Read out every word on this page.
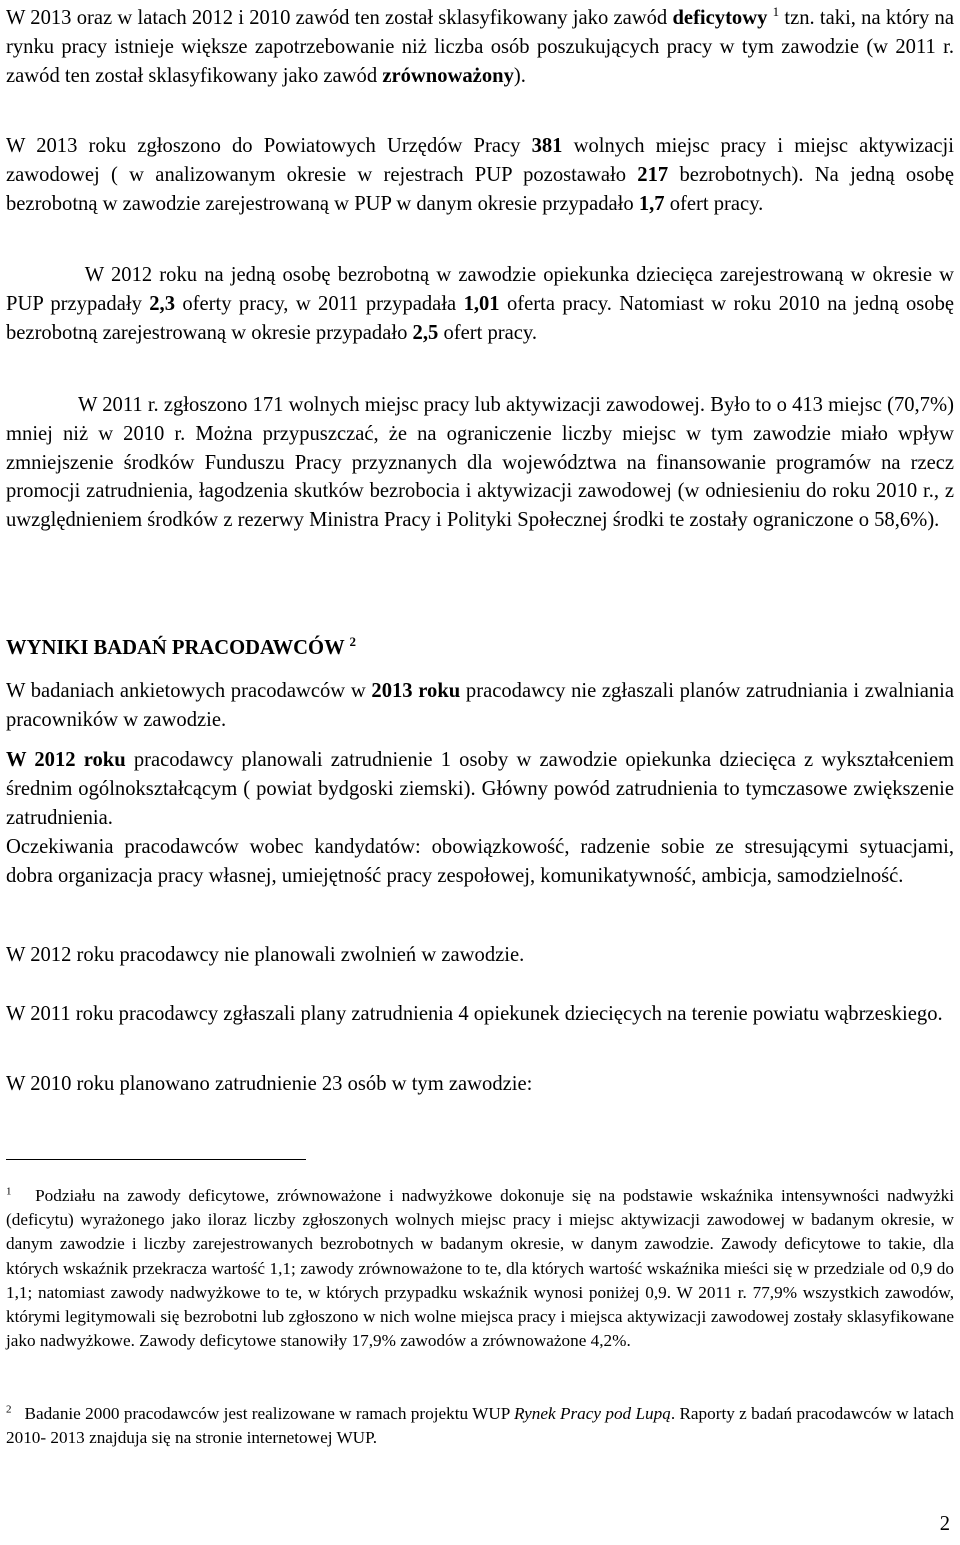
W 2013 oraz w latach 2012 i 2010 zawód ten został sklasyfikowany jako zawód deficytowy $^1$ tzn. taki, na który na rynku pracy istnieje większe zapotrzebowanie niż liczba osób poszukujących pracy w tym zawodzie (w 2011 r. zawód ten został sklasyfikowany jako zawód zrównoważony).

W 2013 roku zgłoszono do Powiatowych Urzędów Pracy 381 wolnych miejsc pracy i miejsc aktywizacji zawodowej ( w analizowanym okresie w rejestrach PUP pozostawało 217 bezrobotnych). Na jedną osobę bezrobotną w zawodzie zarejestrowaną w PUP w danym okresie przypadało 1,7 ofert pracy.

W 2012 roku na jedną osobę bezrobotną w zawodzie opiekunka dziecięca zarejestrowaną w okresie w PUP przypadały 2,3 oferty pracy, w 2011 przypadała 1,01 oferta pracy. Natomiast w roku 2010 na jedną osobę bezrobotną zarejestrowaną w okresie przypadało 2,5 ofert pracy.

W 2011 r. zgłoszono 171 wolnych miejsc pracy lub aktywizacji zawodowej. Było to o 413 miejsc (70,7%) mniej niż w 2010 r. Można przypuszczać, że na ograniczenie liczby miejsc w tym zawodzie miało wpływ zmniejszenie środków Funduszu Pracy przyznanych dla województwa na finansowanie programów na rzecz promocji zatrudnienia, łagodzenia skutków bezrobocia i aktywizacji zawodowej (w odniesieniu do roku 2010 r., z uwzględnieniem środków z rezerwy Ministra Pracy i Polityki Społecznej środki te zostały ograniczone o 58,6%).

WYNIKI BADAŃ PRACODAWCÓW $^2$

W badaniach ankietowych pracodawców w 2013 roku pracodawcy nie zgłaszali planów zatrudniania i zwalniania pracowników w zawodzie.

W 2012 roku pracodawcy planowali zatrudnienie 1 osoby w zawodzie opiekunka dziecięca z wykształceniem średnim ogólnokształcącym ( powiat bydgoski ziemski). Główny powód zatrudnienia to tymczasowe zwiększenie zatrudnienia.

Oczekiwania pracodawców wobec kandydatów: obowiązkowość, radzenie sobie ze stresującymi sytuacjami, dobra organizacja pracy własnej, umiejętność pracy zespołowej, komunikatywność, ambicja, samodzielność.

W 2012 roku pracodawcy nie planowali zwolnień w zawodzie.

W 2011 roku pracodawcy zgłaszali plany zatrudnienia 4 opiekunek dziecięcych na terenie powiatu wąbrzeskiego.

W 2010 roku planowano zatrudnienie 23 osób w tym zawodzie:

$^1$ Podziału na zawody deficytowe, zrównoważone i nadwyżkowe dokonuje się na podstawie wskaźnika intensywności nadwyżki (deficytu) wyrażonego jako iloraz liczby zgłoszonych wolnych miejsc pracy i miejsc aktywizacji zawodowej w badanym okresie, w danym zawodzie i liczby zarejestrowanych bezrobotnych w badanym okresie, w danym zawodzie. Zawody deficytowe to takie, dla których wskaźnik przekracza wartość 1,1; zawody zrównoważone to te, dla których wartość wskaźnika mieści się w przedziale od 0,9 do 1,1; natomiast zawody nadwyżkowe to te, w których przypadku wskaźnik wynosi poniżej 0,9. W 2011 r. 77,9% wszystkich zawodów, którymi legitymowali się bezrobotni lub zgłoszono w nich wolne miejsca pracy i miejsca aktywizacji zawodowej zostały sklasyfikowane jako nadwyżkowe. Zawody deficytowe stanowiły 17,9% zawodów a zrównoważone 4,2%.
$^2$   Badanie 2000 pracodawców jest realizowane w ramach projektu WUP Rynek Pracy pod Lupą. Raporty z badań pracodawców w latach 2010- 2013 znajduja się na stronie internetowej WUP.

2
